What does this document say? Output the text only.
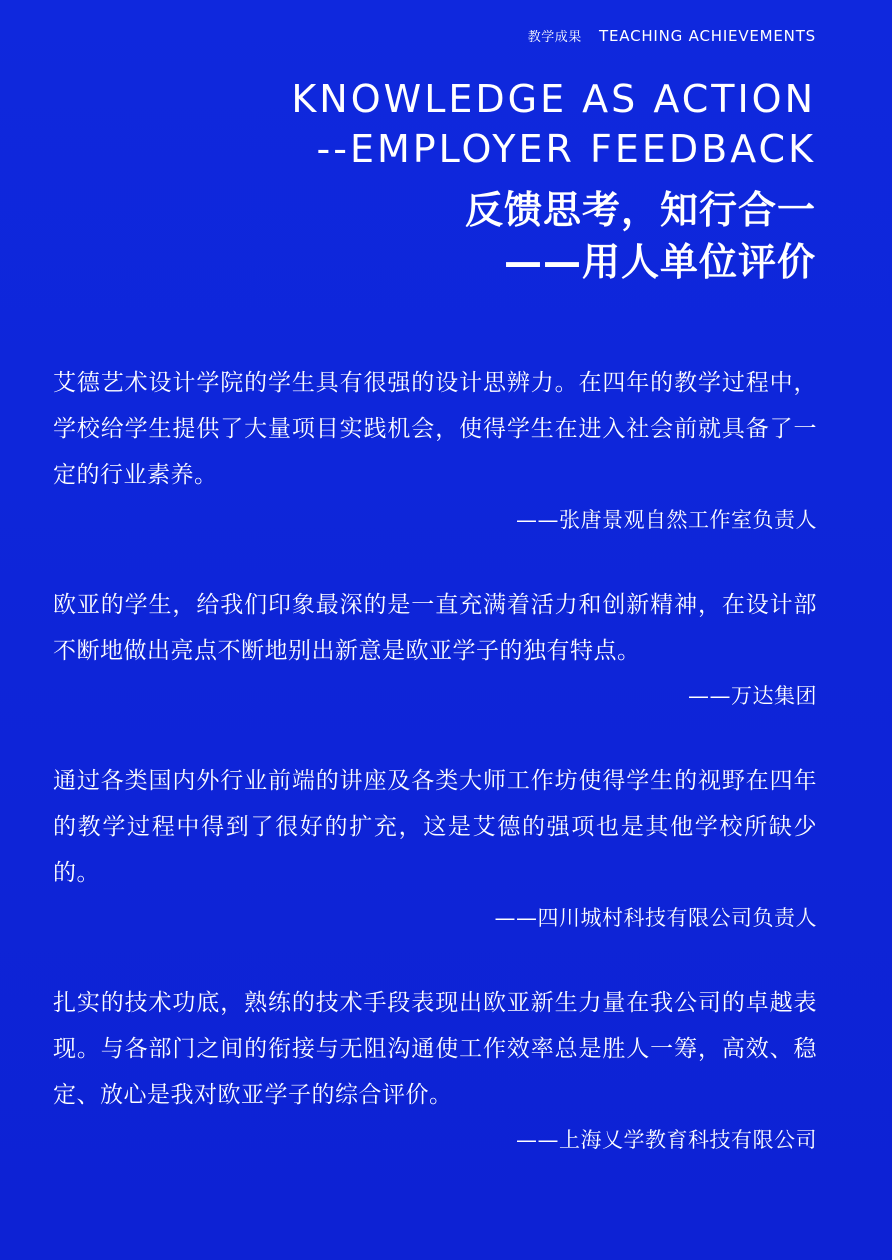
教学成果 TEACHING ACHIEVEMENTS
KNOWLEDGE AS ACTION
--EMPLOYER FEEDBACK
反馈思考，知行合一
——用人单位评价
艾德艺术设计学院的学生具有很强的设计思辨力。在四年的教学过程中，学校给学生提供了大量项目实践机会，使得学生在进入社会前就具备了一定的行业素养。
——张唐景观自然工作室负责人
欧亚的学生，给我们印象最深的是一直充满着活力和创新精神，在设计部不断地做出亮点不断地别出新意是欧亚学子的独有特点。
——万达集团
通过各类国内外行业前端的讲座及各类大师工作坊使得学生的视野在四年的教学过程中得到了很好的扩充，这是艾德的强项也是其他学校所缺少的。
——四川城村科技有限公司负责人
扎实的技术功底，熟练的技术手段表现出欧亚新生力量在我公司的卓越表现。与各部门之间的衔接与无阻沟通使工作效率总是胜人一筹，高效、稳定、放心是我对欧亚学子的综合评价。
——上海乂学教育科技有限公司
